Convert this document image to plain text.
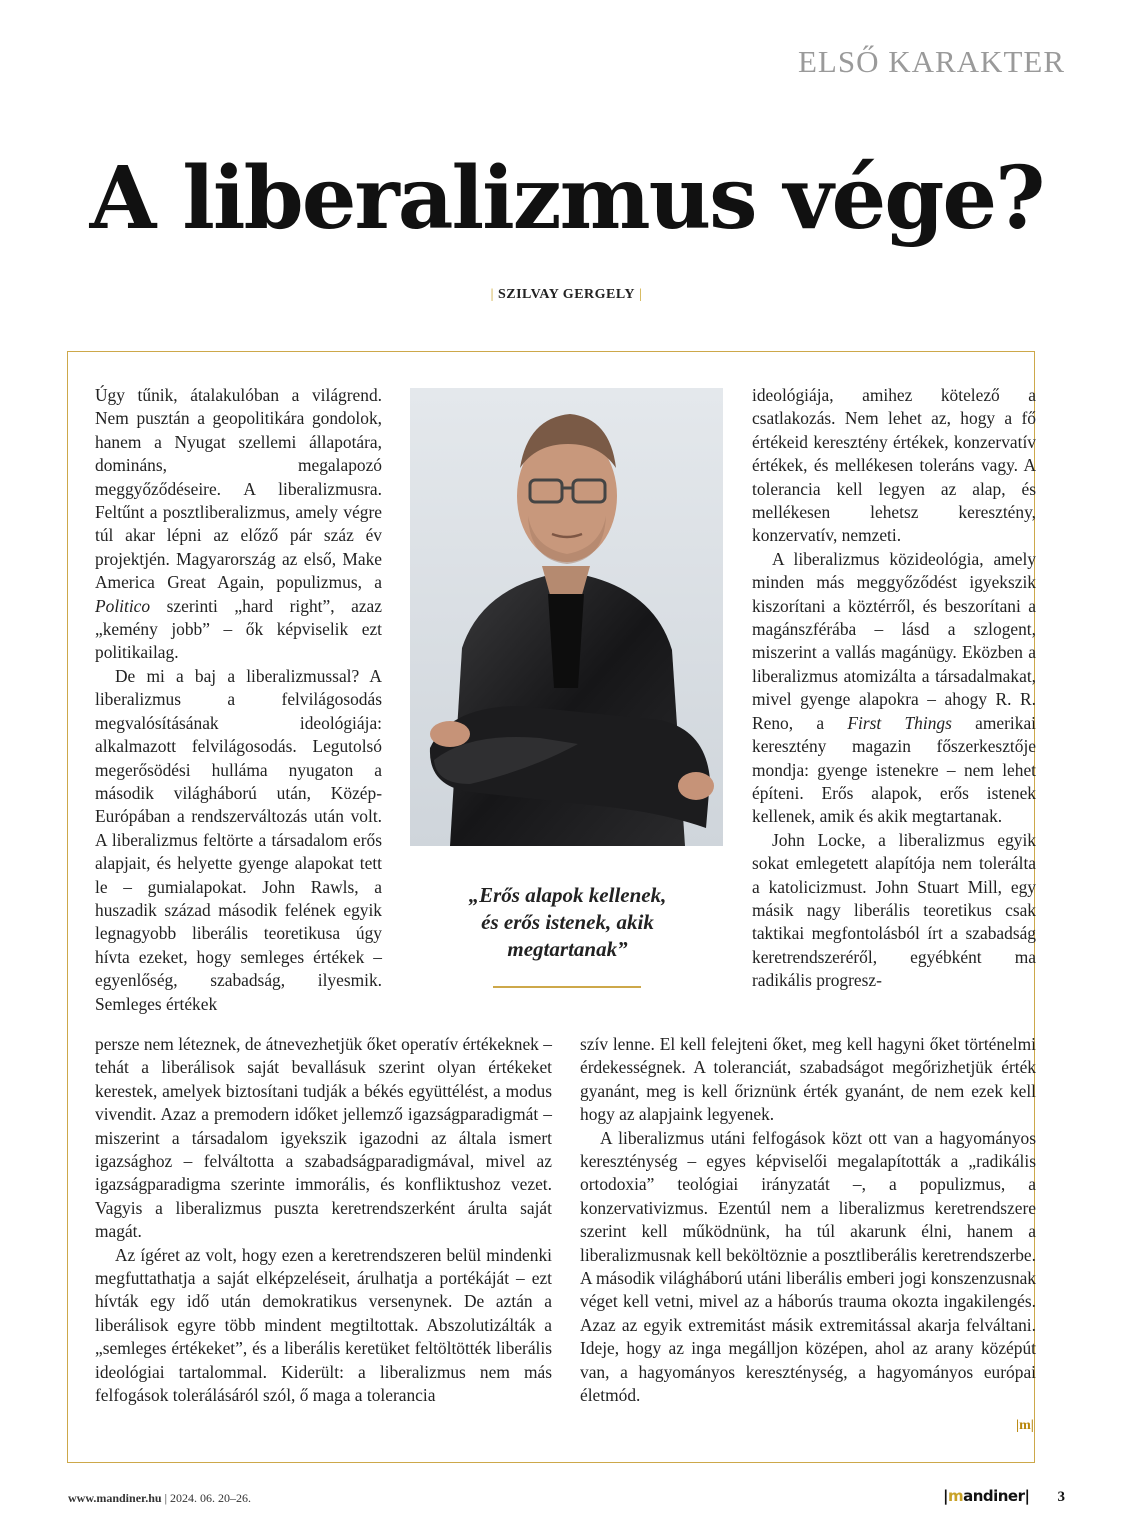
ELSŐ KARAKTER
A liberalizmus vége?
| SZILVAY GERGELY |

Úgy tűnik, átalakulóban a világrend. Nem pusztán a geopolitikára gondolok, hanem a Nyugat szellemi állapotára, domináns, megalapozó meggyőződéseire. A liberalizmusra. Feltűnt a posztliberalizmus, amely végre túl akar lépni az előző pár száz év projektjén. Magyarország az első, Make America Great Again, populizmus, a Politico szerinti „hard right”, azaz „kemény jobb” – ők képviselik ezt politikailag.

De mi a baj a liberalizmussal? A liberalizmus a felvilágosodás megvalósításának ideológiája: alkalmazott felvilágosodás. Legutolsó megerősödési hulláma nyugaton a második világháború után, Közép-Európában a rendszerváltozás után volt. A liberalizmus feltörte a társadalom erős alapjait, és helyette gyenge alapokat tett le – gumialapokat. John Rawls, a huszadik század második felének egyik legnagyobb liberális teoretikusa úgy hívta ezeket, hogy semleges értékek – egyenlőség, szabadság, ilyesmik. Semleges értékek

„Erős alapok kellenek,
és erős istenek, akik
megtartanak”

ideológiája, amihez kötelező a csatlakozás. Nem lehet az, hogy a fő értékeid keresztény értékek, konzervatív értékek, és mellékesen toleráns vagy. A tolerancia kell legyen az alap, és mellékesen lehetsz keresztény, konzervatív, nemzeti.

A liberalizmus közideológia, amely minden más meggyőződést igyekszik kiszorítani a köztérről, és beszorítani a magánszférába – lásd a szlogent, miszerint a vallás magánügy. Eközben a liberalizmus atomizálta a társadalmakat, mivel gyenge alapokra – ahogy R. R. Reno, a First Things amerikai keresztény magazin főszerkesztője mondja: gyenge istenekre – nem lehet építeni. Erős alapok, erős istenek kellenek, amik és akik megtartanak.

John Locke, a liberalizmus egyik sokat emlegetett alapítója nem tolerálta a katolicizmust. John Stuart Mill, egy másik nagy liberális teoretikus csak taktikai megfontolásból írt a szabadság keretrendszeréről, egyébként ma radikális progresz-

persze nem léteznek, de átnevezhetjük őket operatív értékeknek – tehát a liberálisok saját bevallásuk szerint olyan értékeket kerestek, amelyek biztosítani tudják a békés együttélést, a modus vivendit. Azaz a premodern időket jellemző igazságparadigmát – miszerint a társadalom igyekszik igazodni az általa ismert igazsághoz – felváltotta a szabadságparadigmával, mivel az igazságparadigma szerinte immorális, és konfliktushoz vezet. Vagyis a liberalizmus puszta keretrendszerként árulta saját magát.

Az ígéret az volt, hogy ezen a keretrendszeren belül mindenki megfuttathatja a saját elképzeléseit, árulhatja a portékáját – ezt hívták egy idő után demokratikus versenynek. De aztán a liberálisok egyre több mindent megtiltottak. Abszolutizálták a „semleges értékeket”, és a liberális keretüket feltöltötték liberális ideológiai tartalommal. Kiderült: a liberalizmus nem más felfogások tolerálásáról szól, ő maga a tolerancia

szív lenne. El kell felejteni őket, meg kell hagyni őket történelmi érdekességnek. A toleranciát, szabadságot megőrizhetjük érték gyanánt, meg is kell őriznünk érték gyanánt, de nem ezek kell hogy az alapjaink legyenek.

A liberalizmus utáni felfogások közt ott van a hagyományos kereszténység – egyes képviselői megalapították a „radikális ortodoxia” teológiai irányzatát –, a populizmus, a konzervativizmus. Ezentúl nem a liberalizmus keretrendszere szerint kell működnünk, ha túl akarunk élni, hanem a liberalizmusnak kell beköltöznie a posztliberális keretrendszerbe. A második világháború utáni liberális emberi jogi konszenzusnak véget kell vetni, mivel az a háborús trauma okozta ingakilengés. Azaz az egyik extremitást másik extremitással akarja felváltani. Ideje, hogy az inga megálljon középen, ahol az arany középút van, a hagyományos kereszténység, a hagyományos európai életmód.

|m|
www.mandiner.hu | 2024. 06. 20–26.	|mandiner| 3
